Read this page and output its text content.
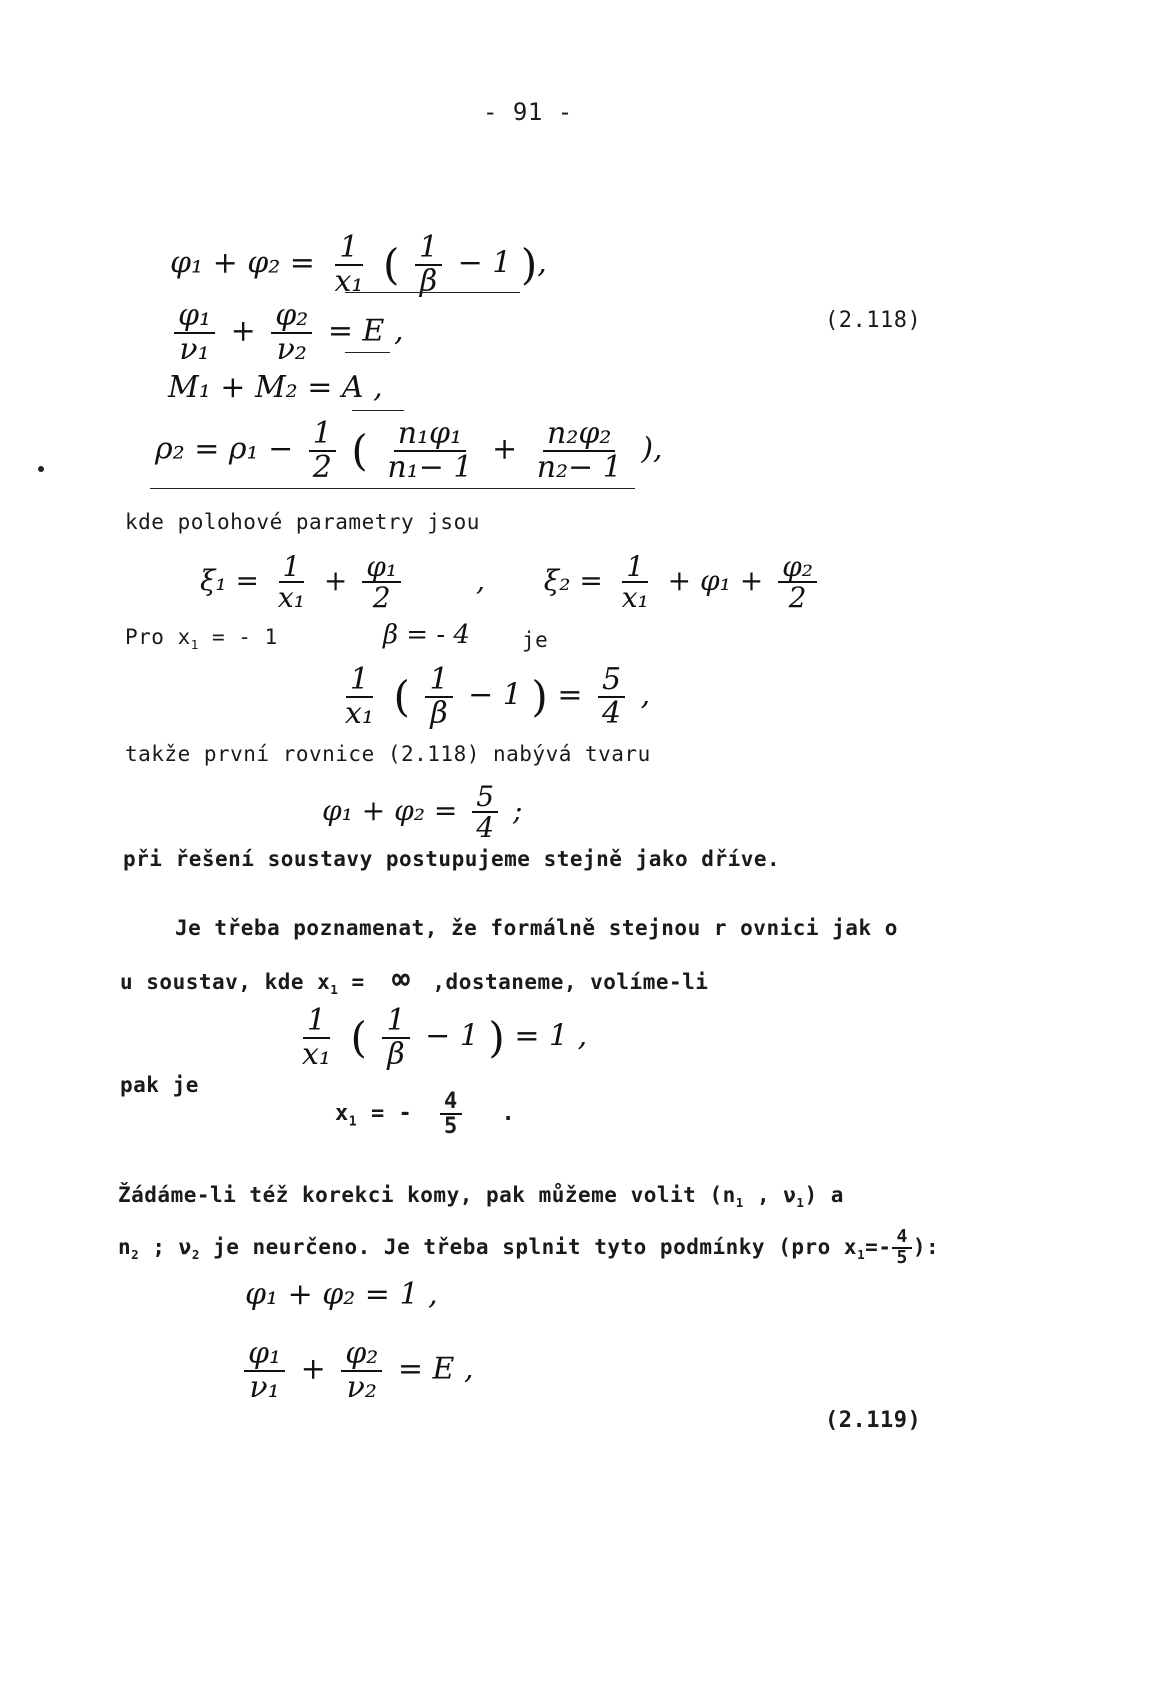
- 91 -
$\varphi_1 + \varphi_2 = \frac{1}{\text{x₁}}$ ( $\frac{1}{\beta} - 1$ ),
$\frac{\text{φ₁}}{\text{ν₁}} + \frac{\text{φ₂}}{\text{ν₂}} = E$ ,	(2.118)
M₁ + M₂ = A ,
$\rho_2 = \rho_1 - \frac{1}{2}$ ( $\frac{\text{n₁φ₁}}{\text{n₁− 1}} + \frac{\text{n₂φ₂}}{\text{n₂− 1}}$ ),
kde polohové parametry jsou
$\xi_1 = \frac{1}{\text{x₁}} + \frac{\text{φ₁}}{2}$	, $\xi_2 = \frac{1}{\text{x₁}} + \varphi_1 + \frac{\text{φ₂}}{2}$
Pro $x_1$ = - 1	β = - 4 je
$\frac{1}{\text{x₁}}$ ( $\frac{1}{\beta} - 1$ ) = $\frac{5}{4}$ ,
takže první rovnice (2.118) nabývá tvaru
$\varphi_1 + \varphi_2 = \frac{5}{4}$ ;
při řešení soustavy postupujeme stejně jako dříve.
Je třeba poznamenat, že formálně stejnou r ovnici jak o
u soustav, kde $x_1$ = ∞ ,dostaneme, volíme-li
$\frac{1}{\text{x₁}}$ ( $\frac{1}{\beta} - 1$ ) = 1 ,
pak je
$x_1$ = - $\frac{4}{5}$ .
Žádáme-li též korekci komy, pak můžeme volit ($n_1$ , $\nu_1$) a
$n_2$ ; $\nu_2$ je neurčeno. Je třeba splnit tyto podmínky (pro $x_1=- \frac{4}{5}$ ):
φ₁ + φ₂ = 1 ,
$\frac{\text{φ₁}}{\text{ν₁}} + \frac{\text{φ₂}}{\text{ν₂}} = E$ ,
(2.119)
